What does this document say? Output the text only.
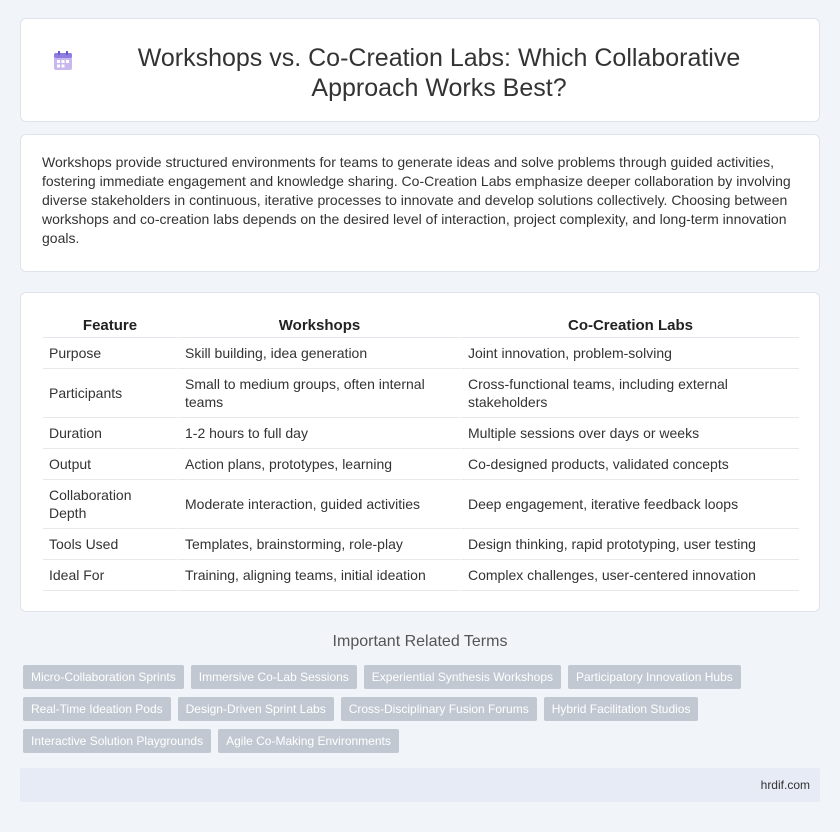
Workshops vs. Co-Creation Labs: Which Collaborative Approach Works Best?

Workshops provide structured environments for teams to generate ideas and solve problems through guided activities, fostering immediate engagement and knowledge sharing. Co-Creation Labs emphasize deeper collaboration by involving diverse stakeholders in continuous, iterative processes to innovate and develop solutions collectively. Choosing between workshops and co-creation labs depends on the desired level of interaction, project complexity, and long-term innovation goals.

Feature	Workshops	Co-Creation Labs
Purpose	Skill building, idea generation	Joint innovation, problem-solving
Participants	Small to medium groups, often internal teams	Cross-functional teams, including external stakeholders
Duration	1-2 hours to full day	Multiple sessions over days or weeks
Output	Action plans, prototypes, learning	Co-designed products, validated concepts
Collaboration Depth	Moderate interaction, guided activities	Deep engagement, iterative feedback loops
Tools Used	Templates, brainstorming, role-play	Design thinking, rapid prototyping, user testing
Ideal For	Training, aligning teams, initial ideation	Complex challenges, user-centered innovation
Important Related Terms
Micro-Collaboration Sprints	Immersive Co-Lab Sessions	Experiential Synthesis Workshops	Participatory Innovation Hubs
Real-Time Ideation Pods	Design-Driven Sprint Labs	Cross-Disciplinary Fusion Forums	Hybrid Facilitation Studios
Interactive Solution Playgrounds	Agile Co-Making Environments
hrdif.com
